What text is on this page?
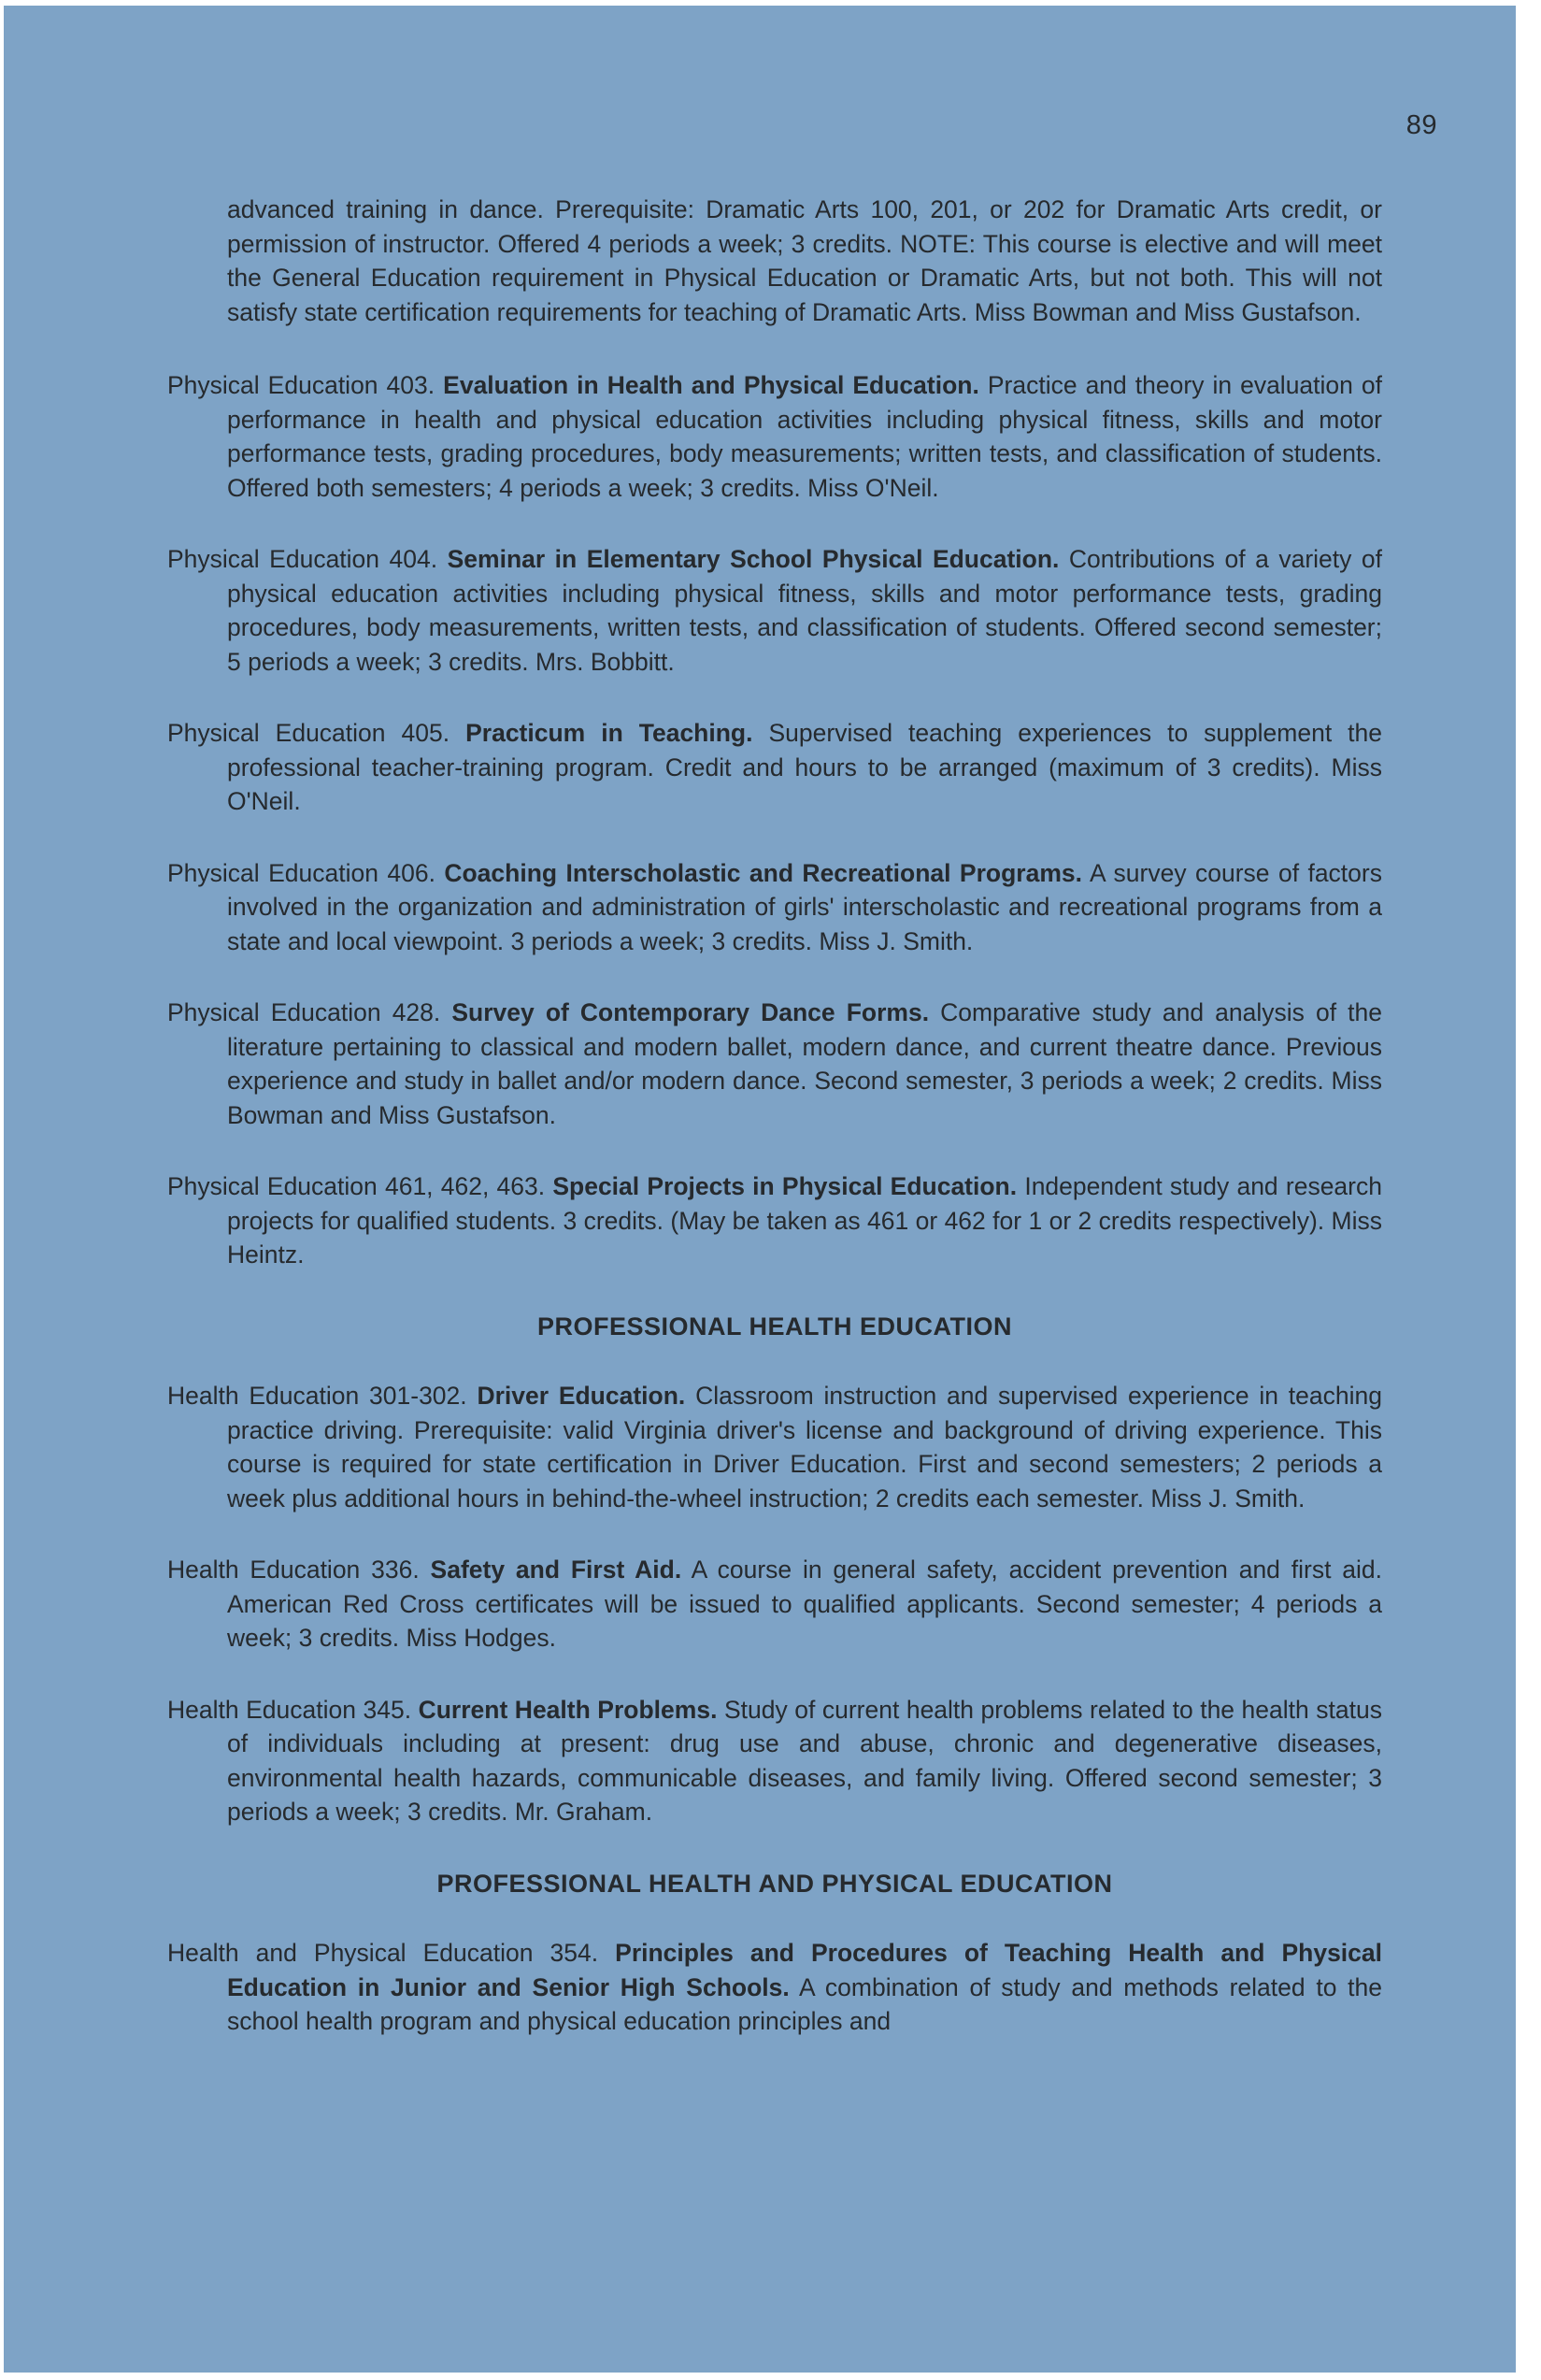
89

advanced training in dance. Prerequisite: Dramatic Arts 100, 201, or 202 for Dramatic Arts credit, or permission of instructor. Offered 4 periods a week; 3 credits. NOTE: This course is elective and will meet the General Education requirement in Physical Education or Dramatic Arts, but not both. This will not satisfy state certification requirements for teaching of Dramatic Arts. Miss Bowman and Miss Gustafson.

Physical Education 403. Evaluation in Health and Physical Education. Practice and theory in evaluation of performance in health and physical education activities including physical fitness, skills and motor performance tests, grading procedures, body measurements; written tests, and classification of students. Offered both semesters; 4 periods a week; 3 credits. Miss O'Neil.

Physical Education 404. Seminar in Elementary School Physical Education. Contributions of a variety of physical education activities including physical fitness, skills and motor performance tests, grading procedures, body measurements, written tests, and classification of students. Offered second semester; 5 periods a week; 3 credits. Mrs. Bobbitt.

Physical Education 405. Practicum in Teaching. Supervised teaching experiences to supplement the professional teacher-training program. Credit and hours to be arranged (maximum of 3 credits). Miss O'Neil.

Physical Education 406. Coaching Interscholastic and Recreational Programs. A survey course of factors involved in the organization and administration of girls' interscholastic and recreational programs from a state and local viewpoint. 3 periods a week; 3 credits. Miss J. Smith.

Physical Education 428. Survey of Contemporary Dance Forms. Comparative study and analysis of the literature pertaining to classical and modern ballet, modern dance, and current theatre dance. Previous experience and study in ballet and/or modern dance. Second semester, 3 periods a week; 2 credits. Miss Bowman and Miss Gustafson.

Physical Education 461, 462, 463. Special Projects in Physical Education. Independent study and research projects for qualified students. 3 credits. (May be taken as 461 or 462 for 1 or 2 credits respectively). Miss Heintz.

PROFESSIONAL HEALTH EDUCATION

Health Education 301-302. Driver Education. Classroom instruction and supervised experience in teaching practice driving. Prerequisite: valid Virginia driver's license and background of driving experience. This course is required for state certification in Driver Education. First and second semesters; 2 periods a week plus additional hours in behind-the-wheel instruction; 2 credits each semester. Miss J. Smith.

Health Education 336. Safety and First Aid. A course in general safety, accident prevention and first aid. American Red Cross certificates will be issued to qualified applicants. Second semester; 4 periods a week; 3 credits. Miss Hodges.

Health Education 345. Current Health Problems. Study of current health problems related to the health status of individuals including at present: drug use and abuse, chronic and degenerative diseases, environmental health hazards, communicable diseases, and family living. Offered second semester; 3 periods a week; 3 credits. Mr. Graham.

PROFESSIONAL HEALTH AND PHYSICAL EDUCATION

Health and Physical Education 354. Principles and Procedures of Teaching Health and Physical Education in Junior and Senior High Schools. A combination of study and methods related to the school health program and physical education principles and
